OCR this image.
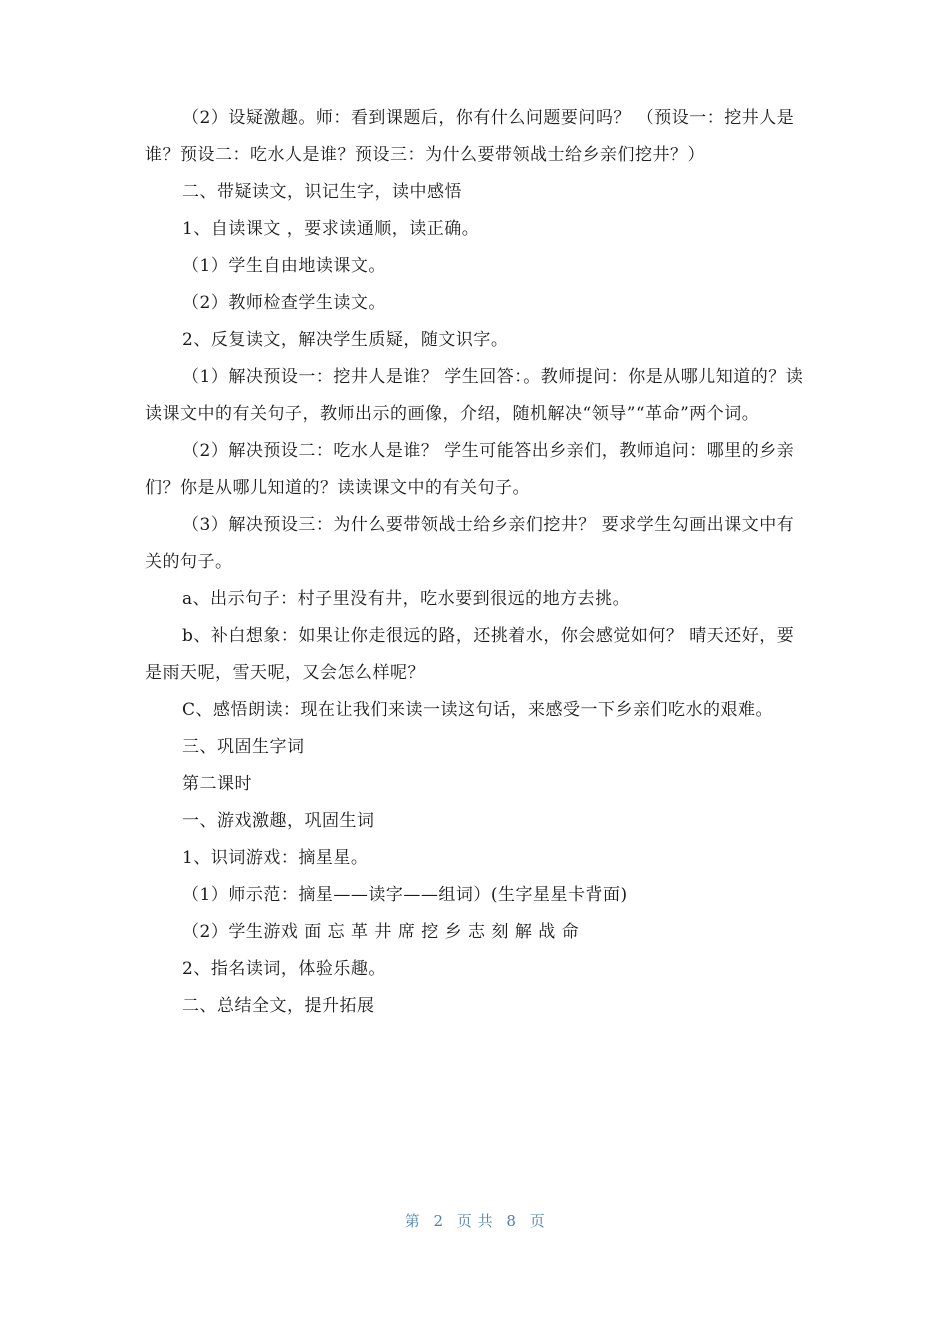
（2）设疑激趣。师：看到课题后，你有什么问题要问吗？ （预设一：挖井人是谁？预设二：吃水人是谁？预设三：为什么要带领战士给乡亲们挖井？）

二、带疑读文，识记生字，读中感悟

1、自读课文 ，要求读通顺，读正确。

（1）学生自由地读课文。

（2）教师检查学生读文。

2、反复读文，解决学生质疑，随文识字。

（1）解决预设一：挖井人是谁？ 学生回答：。教师提问：你是从哪儿知道的？读读课文中的有关句子，教师出示的画像，介绍，随机解决“领导”“革命”两个词。

（2）解决预设二：吃水人是谁？ 学生可能答出乡亲们，教师追问：哪里的乡亲们？你是从哪儿知道的？读读课文中的有关句子。

（3）解决预设三：为什么要带领战士给乡亲们挖井？ 要求学生勾画出课文中有关的句子。

a、出示句子：村子里没有井，吃水要到很远的地方去挑。

b、补白想象：如果让你走很远的路，还挑着水，你会感觉如何？ 晴天还好，要是雨天呢，雪天呢，又会怎么样呢？

C、感悟朗读：现在让我们来读一读这句话，来感受一下乡亲们吃水的艰难。

三、巩固生字词

第二课时

一、游戏激趣，巩固生词

1、识词游戏：摘星星。

（1）师示范：摘星——读字——组词）(生字星星卡背面)

（2）学生游戏 面 忘 革 井 席 挖 乡 志 刻 解 战 命

2、指名读词，体验乐趣。

二、总结全文，提升拓展

第 2 页 共 8 页
